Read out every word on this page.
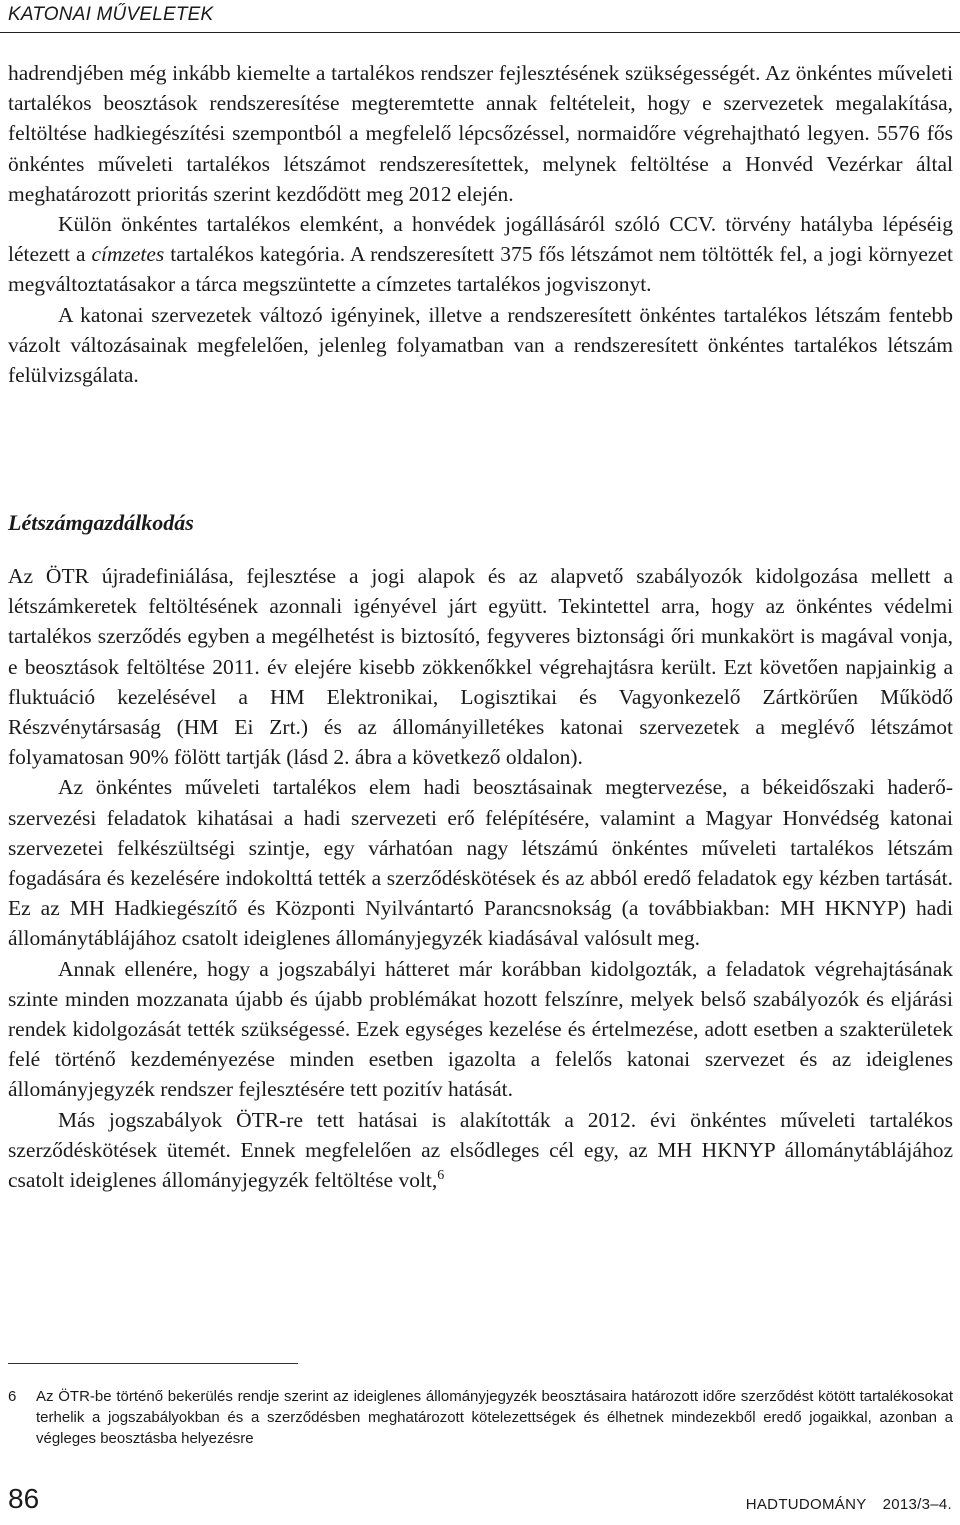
KATONAI MŰVELETEK

hadrendjében még inkább kiemelte a tartalékos rendszer fejlesztésének szükségességét. Az önkéntes műveleti tartalékos beosztások rendszeresítése megteremtette annak feltételeit, hogy e szervezetek megalakítása, feltöltése hadkiegészítési szempontból a megfelelő lépcsőzéssel, normaidőre végrehajtható legyen. 5576 fős önkéntes műveleti tartalékos létszámot rendszeresítettek, melynek feltöltése a Honvéd Vezérkar által meghatározott prioritás szerint kezdődött meg 2012 elején.

Külön önkéntes tartalékos elemként, a honvédek jogállásáról szóló CCV. törvény hatályba lépéséig létezett a címzetes tartalékos kategória. A rendszeresített 375 fős létszámot nem töltötték fel, a jogi környezet megváltoztatásakor a tárca megszüntette a címzetes tartalékos jogviszonyt.

A katonai szervezetek változó igényinek, illetve a rendszeresített önkéntes tartalékos létszám fentebb vázolt változásainak megfelelően, jelenleg folyamatban van a rendszeresített önkéntes tartalékos létszám felülvizsgálata.

Létszámgazdálkodás

Az ÖTR újradefiniálása, fejlesztése a jogi alapok és az alapvető szabályozók kidolgozása mellett a létszámkeretek feltöltésének azonnali igényével járt együtt. Tekintettel arra, hogy az önkéntes védelmi tartalékos szerződés egyben a megélhetést is biztosító, fegyveres biztonsági őri munkakört is magával vonja, e beosztások feltöltése 2011. év elejére kisebb zökkenőkkel végrehajtásra került. Ezt követően napjainkig a fluktuáció kezelésével a HM Elektronikai, Logisztikai és Vagyonkezelő Zártkörűen Működő Részvénytársaság (HM Ei Zrt.) és az állományilletékes katonai szervezetek a meglévő létszámot folyamatosan 90% fölött tartják (lásd 2. ábra a következő oldalon).

Az önkéntes műveleti tartalékos elem hadi beosztásainak megtervezése, a békeidőszaki haderő-szervezési feladatok kihatásai a hadi szervezeti erő felépítésére, valamint a Magyar Honvédség katonai szervezetei felkészültségi szintje, egy várhatóan nagy létszámú önkéntes műveleti tartalékos létszám fogadására és kezelésére indokolttá tették a szerződéskötések és az abból eredő feladatok egy kézben tartását. Ez az MH Hadkiegészítő és Központi Nyilvántartó Parancsnokság (a továbbiakban: MH HKNYP) hadi állománytáblájához csatolt ideiglenes állományjegyzék kiadásával valósult meg.

Annak ellenére, hogy a jogszabályi hátteret már korábban kidolgozták, a feladatok végrehajtásának szinte minden mozzanata újabb és újabb problémákat hozott felszínre, melyek belső szabályozók és eljárási rendek kidolgozását tették szükségessé. Ezek egységes kezelése és értelmezése, adott esetben a szakterületek felé történő kezdeményezése minden esetben igazolta a felelős katonai szervezet és az ideiglenes állományjegyzék rendszer fejlesztésére tett pozitív hatását.

Más jogszabályok ÖTR-re tett hatásai is alakították a 2012. évi önkéntes műveleti tartalékos szerződéskötések ütemét. Ennek megfelelően az elsődleges cél egy, az MH HKNYP állománytáblájához csatolt ideiglenes állományjegyzék feltöltése volt,$^6$

6	Az ÖTR-be történő bekerülés rendje szerint az ideiglenes állományjegyzék beosztásaira határozott időre szerződést kötött tartalékosokat terhelik a jogszabályokban és a szerződésben meghatározott kötelezettségek és élhetnek mindezekből eredő jogaikkal, azonban a végleges beosztásba helyezésre
86	HADTUDOMÁNY 2013/3–4.
